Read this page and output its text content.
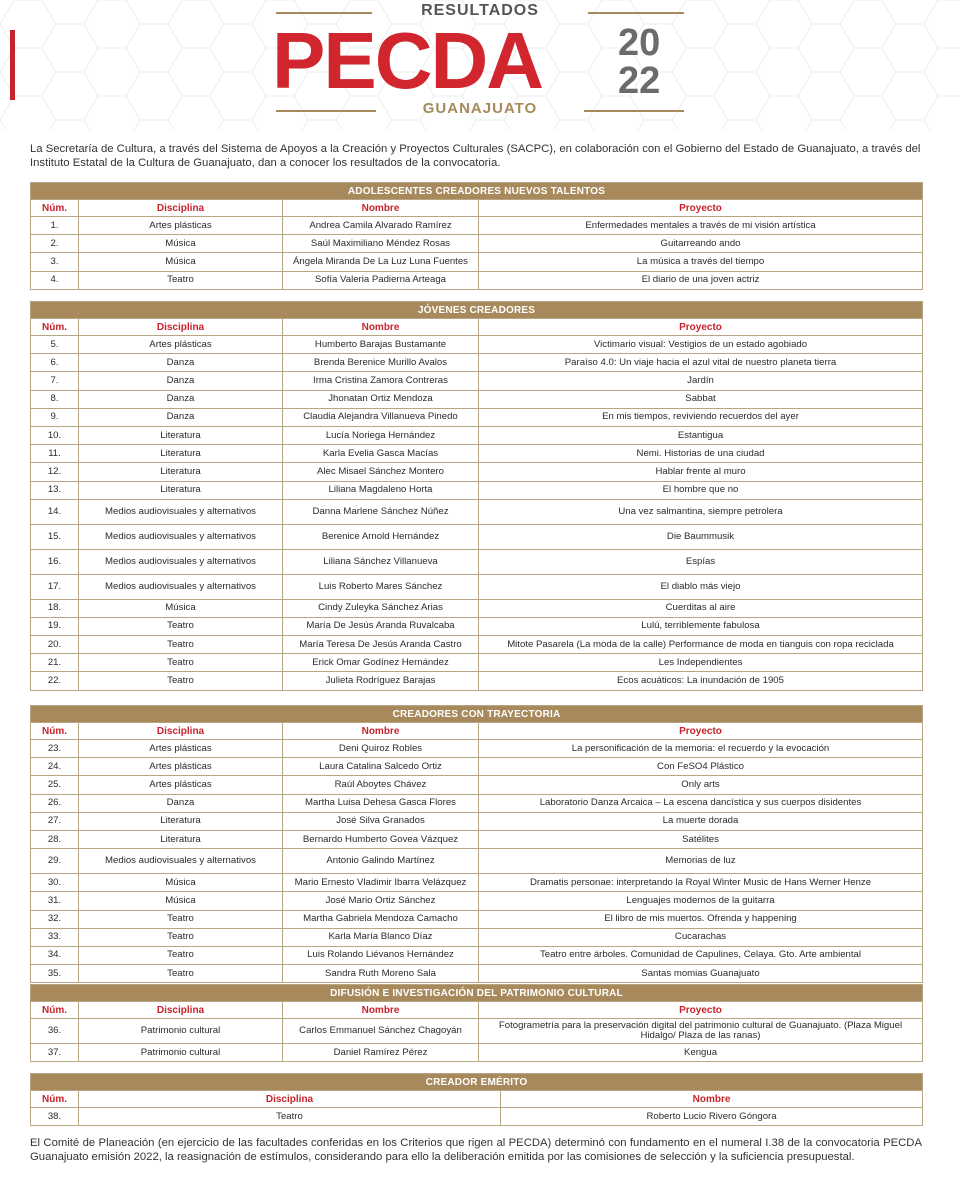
RESULTADOS
PECDA 20
22
GUANAJUATO

La Secretaría de Cultura, a través del Sistema de Apoyos a la Creación y Proyectos Culturales (SACPC), en colaboración con el Gobierno del Estado de Guanajuato, a través del Instituto Estatal de la Cultura de Guanajuato, dan a conocer los resultados de la convocatoria.

ADOLESCENTES CREADORES NUEVOS TALENTOS			
Núm.	Disciplina	Nombre	Proyecto
1.	Artes plásticas	Andrea Camila Alvarado Ramírez	Enfermedades mentales a través de mi visión artística
2.	Música	Saúl Maximiliano Méndez Rosas	Guitarreando ando
3.	Música	Ángela Miranda De La Luz Luna Fuentes	La música a través del tiempo
4.	Teatro	Sofía Valeria Padierna Arteaga	El diario de una joven actriz
JÓVENES CREADORES			
Núm.	Disciplina	Nombre	Proyecto
5.	Artes plásticas	Humberto Barajas Bustamante	Victimario visual: Vestigios de un estado agobiado
6.	Danza	Brenda Berenice Murillo Avalos	Paraíso 4.0: Un viaje hacia el azul vital de nuestro planeta tierra
7.	Danza	Irma Cristina Zamora Contreras	Jardín
8.	Danza	Jhonatan Ortiz Mendoza	Sabbat
9.	Danza	Claudia Alejandra Villanueva Pinedo	En mis tiempos, reviviendo recuerdos del ayer
10.	Literatura	Lucía Noriega Hernández	Estantigua
11.	Literatura	Karla Evelia Gasca Macías	Nemi. Historias de una ciudad
12.	Literatura	Alec Misael Sánchez Montero	Hablar frente al muro
13.	Literatura	Liliana Magdaleno Horta	El hombre que no
14.	Medios audiovisuales y alternativos	Danna Marlene Sánchez Núñez	Una vez salmantina, siempre petrolera
15.	Medios audiovisuales y alternativos	Berenice Arnold Hernández	Die Baummusik
16.	Medios audiovisuales y alternativos	Liliana Sánchez Villanueva	Espías
17.	Medios audiovisuales y alternativos	Luis Roberto Mares Sánchez	El diablo más viejo
18.	Música	Cindy Zuleyka Sánchez Arias	Cuerditas al aire
19.	Teatro	María De Jesús Aranda Ruvalcaba	Lulú, terriblemente fabulosa
20.	Teatro	María Teresa De Jesús Aranda Castro	Mitote Pasarela (La moda de la calle) Performance de moda en tianguis con ropa reciclada
21.	Teatro	Erick Omar Godínez Hernández	Les Independientes
22.	Teatro	Julieta Rodríguez Barajas	Ecos acuáticos: La inundación de 1905
CREADORES CON TRAYECTORIA			
Núm.	Disciplina	Nombre	Proyecto
23.	Artes plásticas	Deni Quiroz Robles	La personificación de la memoria: el recuerdo y la evocación
24.	Artes plásticas	Laura Catalina Salcedo Ortiz	Con FeSO4 Plástico
25.	Artes plásticas	Raúl Aboytes Chávez	Only arts
26.	Danza	Martha Luisa Dehesa Gasca Flores	Laboratorio Danza Arcaica – La escena dancística y sus cuerpos disidentes
27.	Literatura	José Silva Granados	La muerte dorada
28.	Literatura	Bernardo Humberto Govea Vázquez	Satélites
29.	Medios audiovisuales y alternativos	Antonio Galindo Martínez	Memorias de luz
30.	Música	Mario Ernesto Vladimir Ibarra Velázquez	Dramatis personae: interpretando la Royal Winter Music de Hans Werner Henze
31.	Música	José Mario Ortiz Sánchez	Lenguajes modernos de la guitarra
32.	Teatro	Martha Gabriela Mendoza Camacho	El libro de mis muertos. Ofrenda y happening
33.	Teatro	Karla María Blanco Díaz	Cucarachas
34.	Teatro	Luis Rolando Liévanos Hernández	Teatro entre árboles. Comunidad de Capulines, Celaya. Gto. Arte ambiental
35.	Teatro	Sandra Ruth Moreno Sala	Santas momias Guanajuato
DIFUSIÓN E INVESTIGACIÓN DEL PATRIMONIO CULTURAL			
Núm.	Disciplina	Nombre	Proyecto
36.	Patrimonio cultural	Carlos Emmanuel Sánchez Chagoyán	Fotogrametría para la preservación digital del patrimonio cultural de Guanajuato. (Plaza Miguel Hidalgo/ Plaza de las ranas)
37.	Patrimonio cultural	Daniel Ramírez Pérez	Kengua
CREADOR EMÉRITO		
Núm.	Disciplina	Nombre
38.	Teatro	Roberto Lucio Rivero Góngora

El Comité de Planeación (en ejercicio de las facultades conferidas en los Criterios que rigen al PECDA) determinó con fundamento en el numeral I.38 de la convocatoria PECDA Guanajuato emisión 2022, la reasignación de estímulos, considerando para ello la deliberación emitida por las comisiones de selección y la suficiencia presupuestal.
